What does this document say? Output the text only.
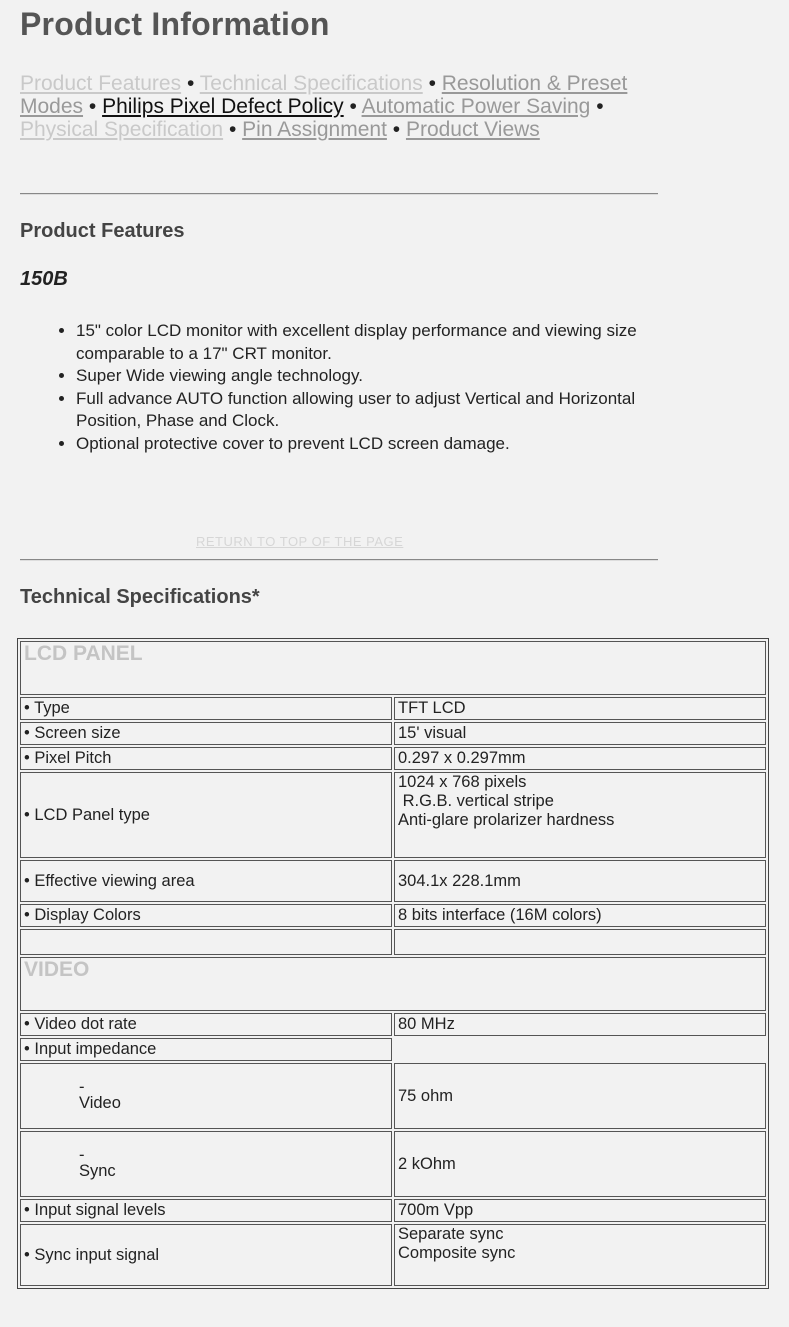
Product Information
Product Features • Technical Specifications • Resolution & Preset Modes • Philips Pixel Defect Policy • Automatic Power Saving • Physical Specification • Pin Assignment • Product Views
Product Features
150B
• 15" color LCD monitor with excellent display performance and viewing size comparable to a 17" CRT monitor.
• Super Wide viewing angle technology.
• Full advance AUTO function allowing user to adjust Vertical and Horizontal Position, Phase and Clock.
• Optional protective cover to prevent LCD screen damage.
RETURN TO TOP OF THE PAGE
Technical Specifications*
LCD PANEL	
• Type	TFT LCD
• Screen size	15' visual
• Pixel Pitch	0.297 x 0.297mm
• LCD Panel type	1024 x 768 pixels
R.G.B. vertical stripe
Anti-glare prolarizer hardness

• Effective viewing area	304.1x 228.1mm
• Display Colors	8 bits interface (16M colors)

VIDEO	
• Video dot rate	80 MHz
• Input impedance	

-
Video	75 ohm

-
Sync	2 kOhm
• Input signal levels	700m Vpp
• Sync input signal	Separate sync
Composite sync
